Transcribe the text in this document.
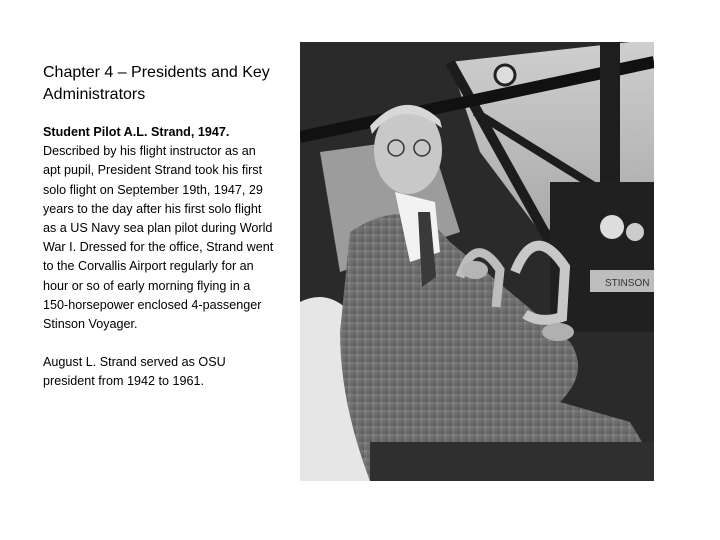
Chapter 4 – Presidents and Key Administrators

Student Pilot A.L. Strand, 1947. Described by his flight instructor as an apt pupil, President Strand took his first solo flight on September 19th, 1947, 29 years to the day after his first solo flight as a US Navy sea plan pilot during World War I. Dressed for the office, Strand went to the Corvallis Airport regularly for an hour or so of early morning flying in a 150-horsepower enclosed 4-passenger Stinson Voyager.

August L. Strand served as OSU president from 1942 to 1961.

STINSON
